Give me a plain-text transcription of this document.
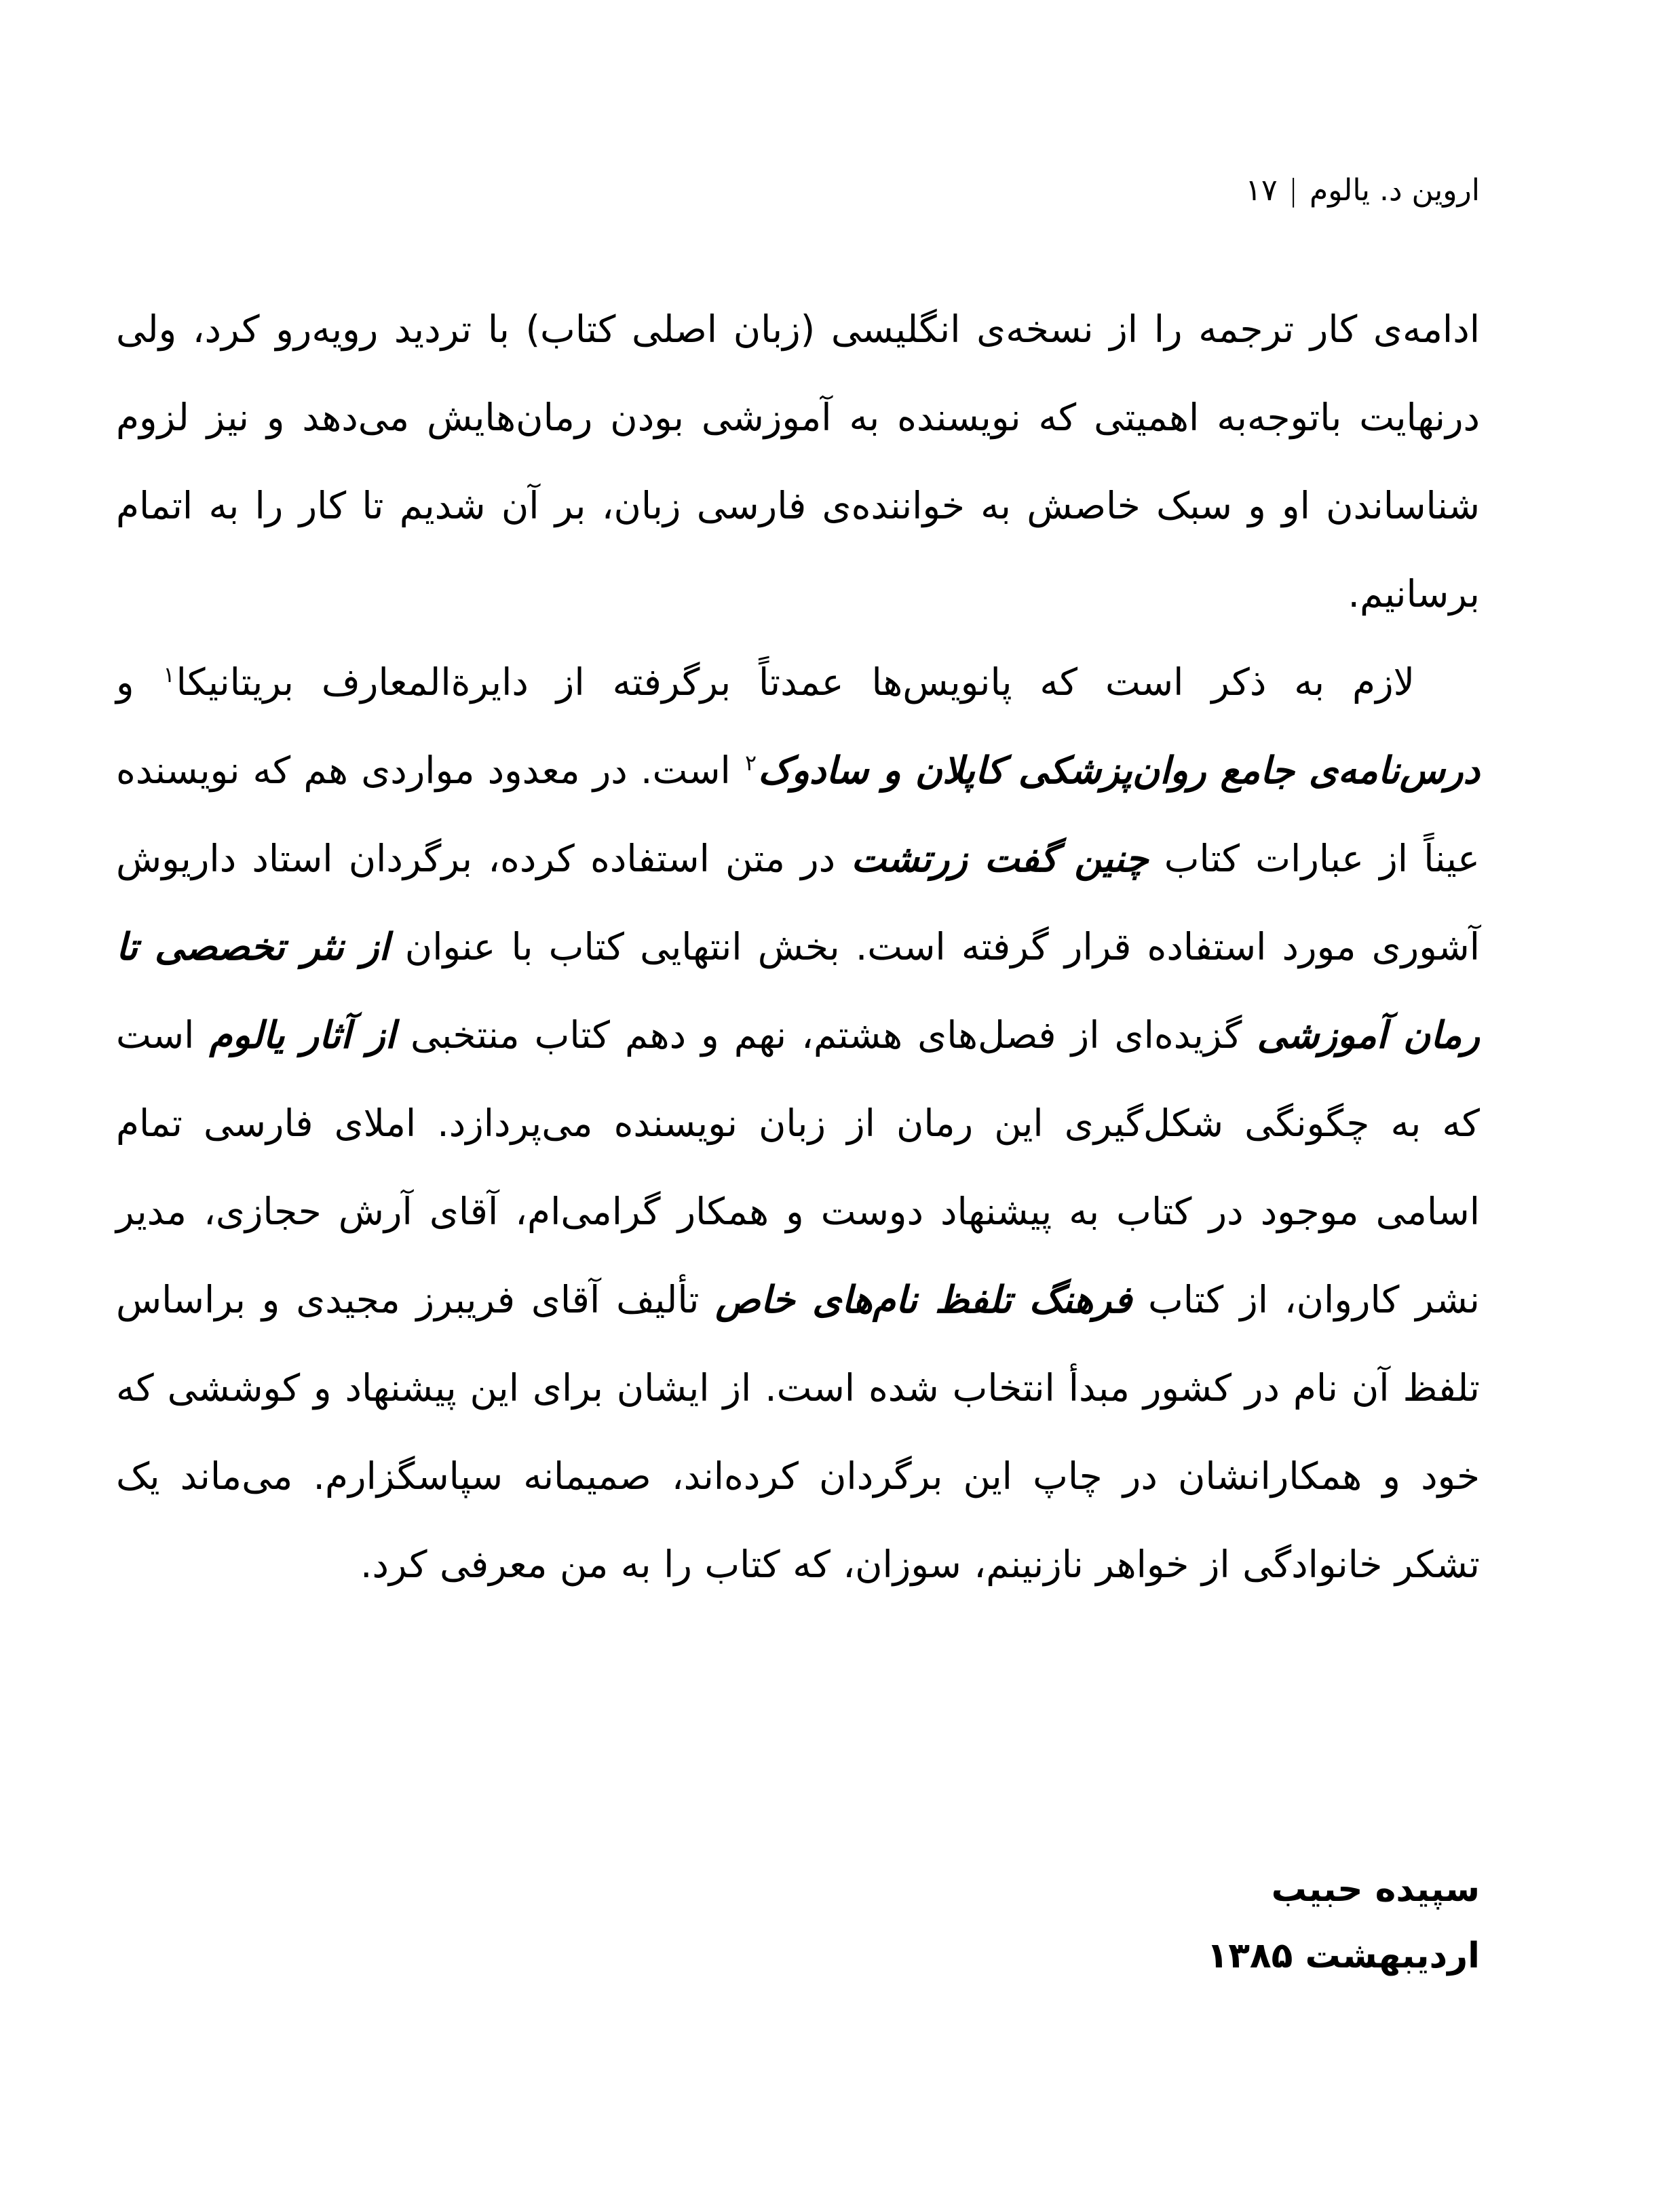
اروین د. یالوم|۱۷

ادامه‌ی کار ترجمه را از نسخه‌ی انگلیسی (زبان اصلی کتاب) با تردید رویه‌رو کرد، ولی درنهایت باتوجه‌به اهمیتی که نویسنده به آموزشی بودن رمان‌هایش می‌دهد و نیز لزوم شناساندن او و سبک خاصش به خواننده‌ی فارسی زبان، بر آن شدیم تا کار را به اتمام برسانیم.

لازم به ذکر است که پانویس‌ها عمدتاً برگرفته از دایرةالمعارف بریتانیکا$^۱$ و درس‌نامه‌ی جامع روان‌پزشکی کاپلان و سادوک$^۲$ است. در معدود مواردی هم که نویسنده عیناً از عبارات کتاب چنین گفت زرتشت در متن استفاده کرده، برگردان استاد داریوش آشوری مورد استفاده قرار گرفته است. بخش انتهایی کتاب با عنوان از نثر تخصصی تا رمان آموزشی گزیده‌ای از فصل‌های هشتم، نهم و دهم کتاب منتخبی از آثار یالوم است که به چگونگی شکل‌گیری این رمان از زبان نویسنده می‌پردازد. املای فارسی تمام اسامی موجود در کتاب به پیشنهاد دوست و همکار گرامی‌ام، آقای آرش حجازی، مدیر نشر کاروان، از کتاب فرهنگ تلفظ نام‌های خاص تألیف آقای فریبرز مجیدی و براساس تلفظ آن نام در کشور مبدأ انتخاب شده است. از ایشان برای این پیشنهاد و کوششی که خود و همکارانشان در چاپ این برگردان کرده‌اند، صمیمانه سپاسگزارم. می‌ماند یک تشکر خانوادگی از خواهر نازنینم، سوزان، که کتاب را به من معرفی کرد.

سپیده حبیب
اردیبهشت ۱۳۸۵
